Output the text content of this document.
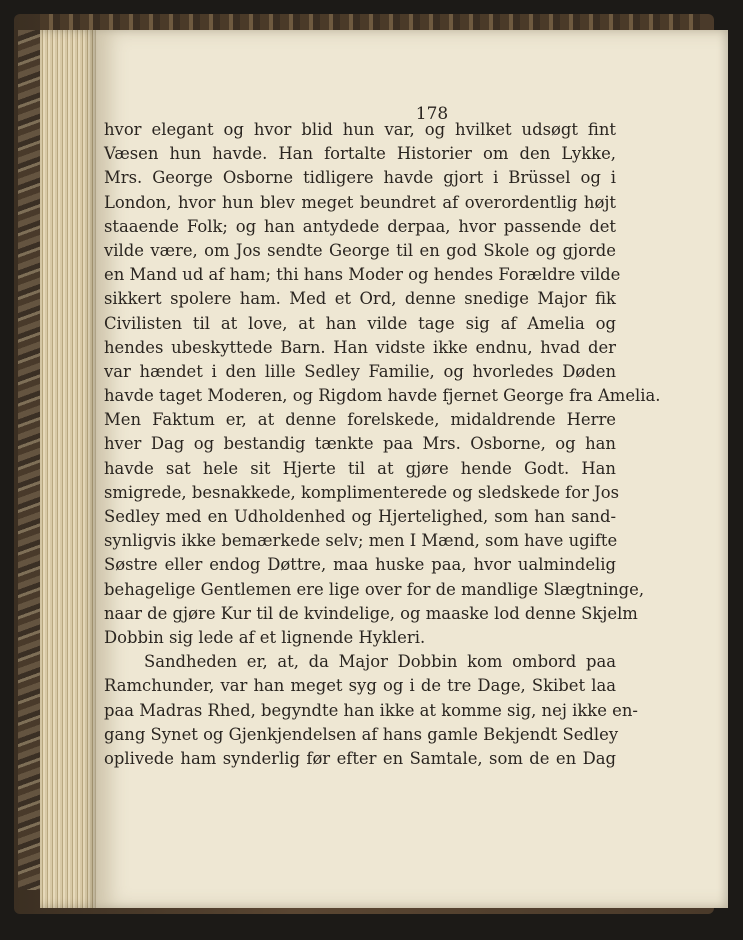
178
hvor elegant og hvor blid hun var, og hvilket udsøgt fint
Væsen hun havde. Han fortalte Historier om den Lykke,
Mrs. George Osborne tidligere havde gjort i Brüssel og i
London, hvor hun blev meget beundret af overordentlig højt
staaende Folk; og han antydede derpaa, hvor passende det
vilde være, om Jos sendte George til en god Skole og gjorde
en Mand ud af ham; thi hans Moder og hendes Forældre vilde
sikkert spolere ham. Med et Ord, denne snedige Major fik
Civilisten til at love, at han vilde tage sig af Amelia og
hendes ubeskyttede Barn. Han vidste ikke endnu, hvad der
var hændet i den lille Sedley Familie, og hvorledes Døden
havde taget Moderen, og Rigdom havde fjernet George fra Amelia.
Men Faktum er, at denne forelskede, midaldrende Herre
hver Dag og bestandig tænkte paa Mrs. Osborne, og han
havde sat hele sit Hjerte til at gjøre hende Godt. Han
smigrede, besnakkede, komplimenterede og sledskede for Jos
Sedley med en Udholdenhed og Hjertelighed, som han sand-
synligvis ikke bemærkede selv; men I Mænd, som have ugifte
Søstre eller endog Døttre, maa huske paa, hvor ualmindelig
behagelige Gentlemen ere lige over for de mandlige Slægtninge,
naar de gjøre Kur til de kvindelige, og maaske lod denne Skjelm
Dobbin sig lede af et lignende Hykleri.
Sandheden er, at, da Major Dobbin kom ombord paa
Ramchunder, var han meget syg og i de tre Dage, Skibet laa
paa Madras Rhed, begyndte han ikke at komme sig, nej ikke en-
gang Synet og Gjenkjendelsen af hans gamle Bekjendt Sedley
oplivede ham synderlig før efter en Samtale, som de en Dag
